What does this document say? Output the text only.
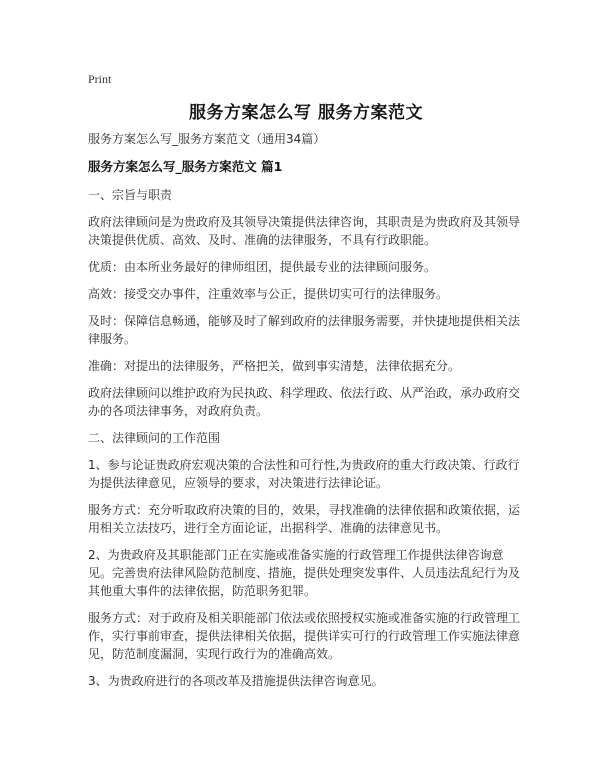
Print
服务方案怎么写 服务方案范文

服务方案怎么写_服务方案范文（通用34篇）

服务方案怎么写_服务方案范文 篇1

一、宗旨与职责

政府法律顾问是为贵政府及其领导决策提供法律咨询，其职责是为贵政府及其领导决策提供优质、高效、及时、准确的法律服务，不具有行政职能。

优质：由本所业务最好的律师组团，提供最专业的法律顾问服务。

高效：接受交办事件，注重效率与公正，提供切实可行的法律服务。

及时：保障信息畅通，能够及时了解到政府的法律服务需要，并快捷地提供相关法律服务。

准确：对提出的法律服务，严格把关，做到事实清楚，法律依据充分。

政府法律顾问以维护政府为民执政、科学理政、依法行政、从严治政，承办政府交办的各项法律事务，对政府负责。

二、法律顾问的工作范围

1、参与论证贵政府宏观决策的合法性和可行性,为贵政府的重大行政决策、行政行为提供法律意见，应领导的要求，对决策进行法律论证。

服务方式：充分听取政府决策的目的，效果，寻找准确的法律依据和政策依据，运用相关立法技巧，进行全方面论证，出据科学、准确的法律意见书。

2、为贵政府及其职能部门正在实施或准备实施的行政管理工作提供法律咨询意见。完善贵府法律风险防范制度、措施，提供处理突发事件、人员违法乱纪行为及其他重大事件的法律依据，防范职务犯罪。

服务方式：对于政府及相关职能部门依法或依照授权实施或准备实施的行政管理工作，实行事前审查，提供法律相关依据，提供详实可行的行政管理工作实施法律意见，防范制度漏洞，实现行政行为的准确高效。

3、为贵政府进行的各项改革及措施提供法律咨询意见。
